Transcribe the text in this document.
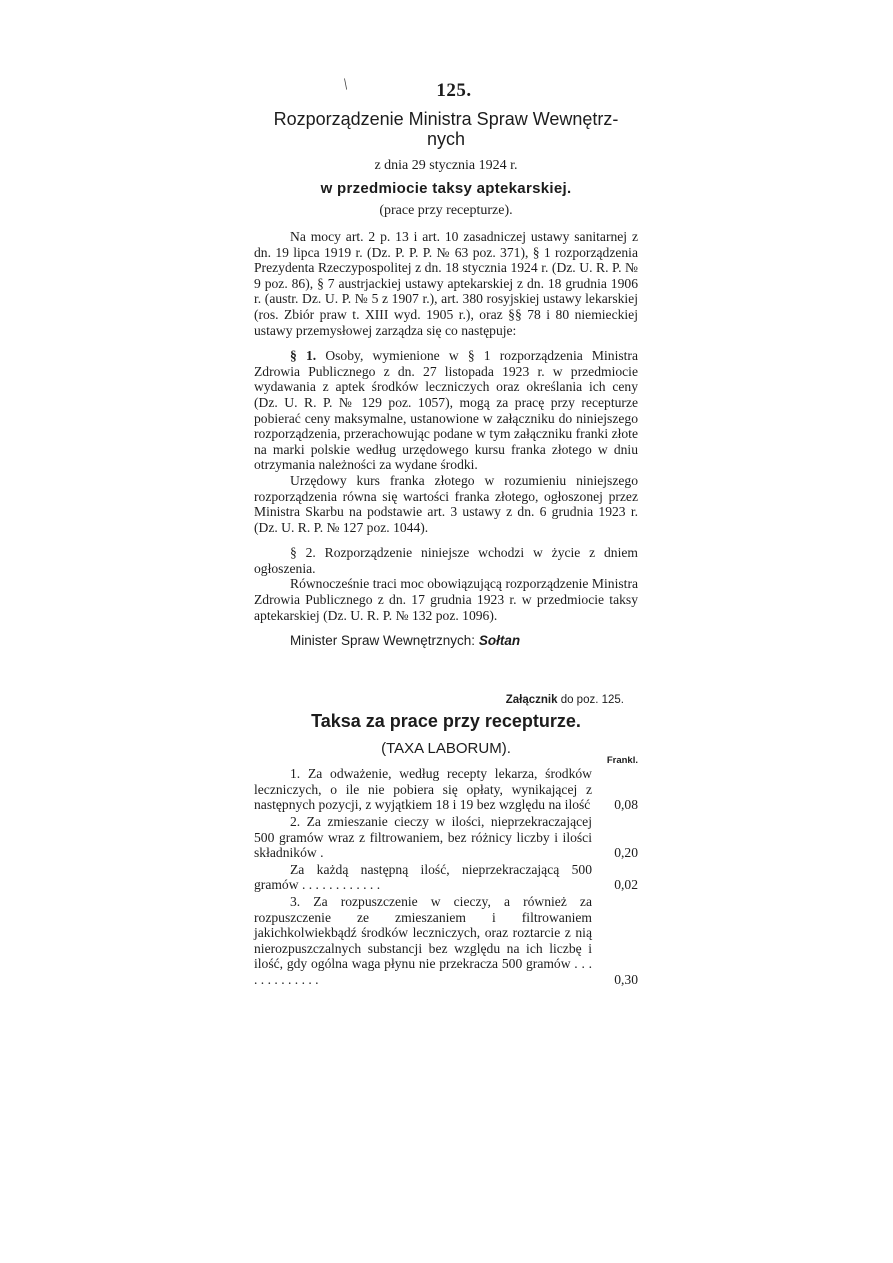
125.
Rozporządzenie Ministra Spraw Wewnętrz-
nych
z dnia 29 stycznia 1924 r.
w przedmiocie taksy aptekarskiej.
(prace przy recepturze).

Na mocy art. 2 p. 13 i art. 10 zasadniczej ustawy sanitarnej z dn. 19 lipca 1919 r. (Dz. P. P. P. № 63 poz. 371), § 1 rozporządzenia Prezydenta Rzeczypospolitej z dn. 18 stycznia 1924 r. (Dz. U. R. P. № 9 poz. 86), § 7 austrjackiej ustawy aptekarskiej z dn. 18 grudnia 1906 r. (austr. Dz. U. P. № 5 z 1907 r.), art. 380 rosyjskiej ustawy lekarskiej (ros. Zbiór praw t. XIII wyd. 1905 r.), oraz §§ 78 i 80 niemieckiej ustawy przemysłowej zarządza się co następuje:

§ 1. Osoby, wymienione w § 1 rozporządzenia Ministra Zdrowia Publicznego z dn. 27 listopada 1923 r. w przedmiocie wydawania z aptek środków leczniczych oraz określania ich ceny (Dz. U. R. P. № 129 poz. 1057), mogą za pracę przy recepturze pobierać ceny maksymalne, ustanowione w załączniku do niniejszego rozporządzenia, przerachowując podane w tym załączniku franki złote na marki polskie według urzędowego kursu franka złotego w dniu otrzymania należności za wydane środki.

Urzędowy kurs franka złotego w rozumieniu niniejszego rozporządzenia równa się wartości franka złotego, ogłoszonej przez Ministra Skarbu na podstawie art. 3 ustawy z dn. 6 grudnia 1923 r. (Dz. U. R. P. № 127 poz. 1044).

§ 2. Rozporządzenie niniejsze wchodzi w życie z dniem ogłoszenia.

Równocześnie traci moc obowiązującą rozporządzenie Ministra Zdrowia Publicznego z dn. 17 grudnia 1923 r. w przedmiocie taksy aptekarskiej (Dz. U. R. P. № 132 poz. 1096).

Minister Spraw Wewnętrznych: Sołtan
Załącznik do poz. 125.
Taksa za prace przy recepturze.
(TAXA LABORUM).
Frankl.
1. Za odważenie, według recepty lekarza, środków leczniczych, o ile nie pobiera się opłaty, wynikającej z następnych pozycji, z wyjątkiem 18 i 19 bez względu na ilość	0,08
2. Za zmieszanie cieczy w ilości, nieprzekraczającej 500 gramów wraz z filtrowaniem, bez różnicy liczby i ilości składników .	0,20
Za każdą następną ilość, nieprzekraczającą 500 gramów . . . . . . . . . . . .	0,02
3. Za rozpuszczenie w cieczy, a również za rozpuszczenie ze zmieszaniem i filtrowaniem jakichkolwiekbądź środków leczniczych, oraz roztarcie z nią nierozpuszczalnych substancji bez względu na ich liczbę i ilość, gdy ogólna waga płynu nie przekracza 500 gramów . . . . . . . . . . . . .	0,30
/
